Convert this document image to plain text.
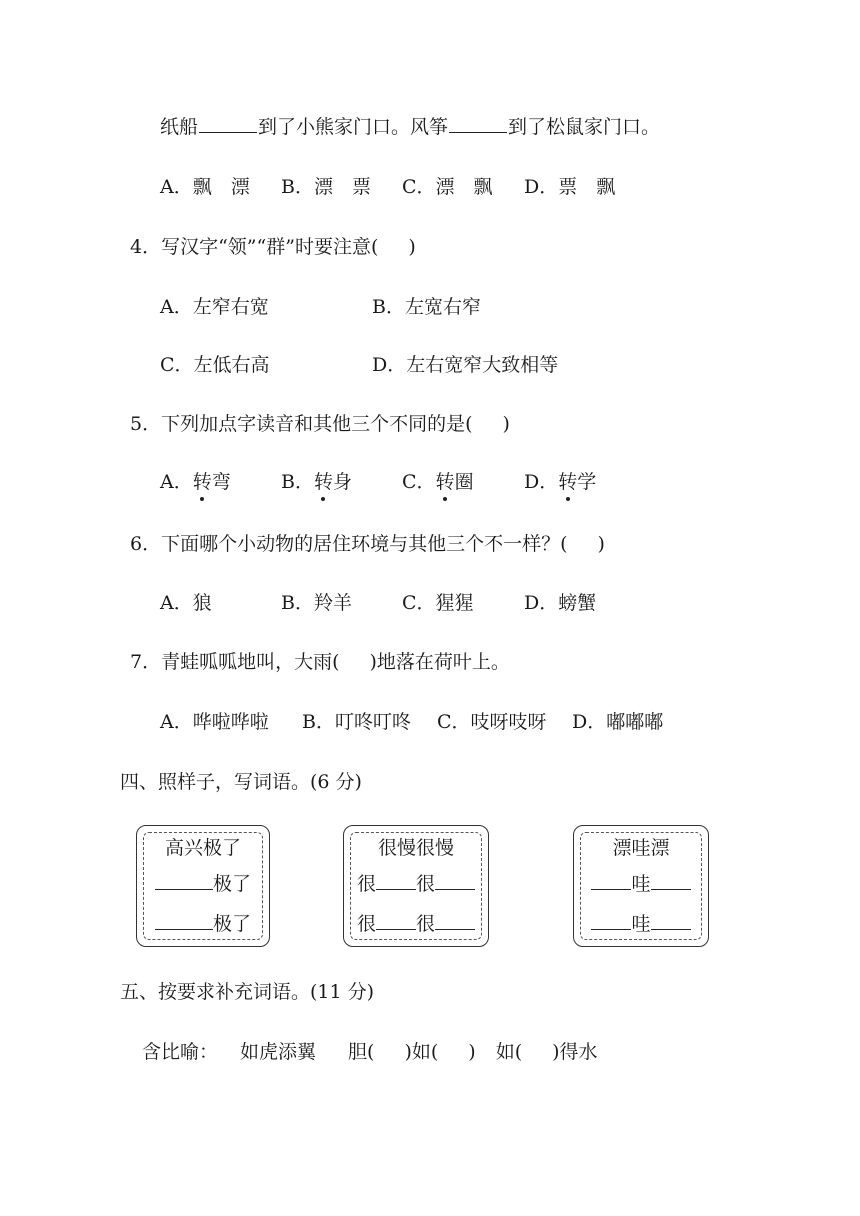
纸船	到了小熊家门口。风筝	到了松鼠家门口。
A．飘　漂 B．漂　票 C．漂　飘 D．票　飘
4．写汉字“领”“群”时要注意( )
A．左窄右宽	B．左宽右窄
C．左低右高	D．左右宽窄大致相等
5．下列加点字读音和其他三个不同的是( )
A．转弯	B．转身	C．转圈	D．转学
6．下面哪个小动物的居住环境与其他三个不一样？( )
A．狼	B．羚羊	C．猩猩	D．螃蟹
7．青蛙呱呱地叫，大雨( )地落在荷叶上。
A．哗啦哗啦 B．叮咚叮咚 C．吱呀吱呀 D．嘟嘟嘟
四、照样子，写词语。(6 分)
高兴极了
极了
极了
很慢很慢
很 很
很 很
漂哇漂
哇
哇
五、按要求补充词语。(11 分)
含比喻： 如虎添翼 胆( )如( ) 如( )得水
